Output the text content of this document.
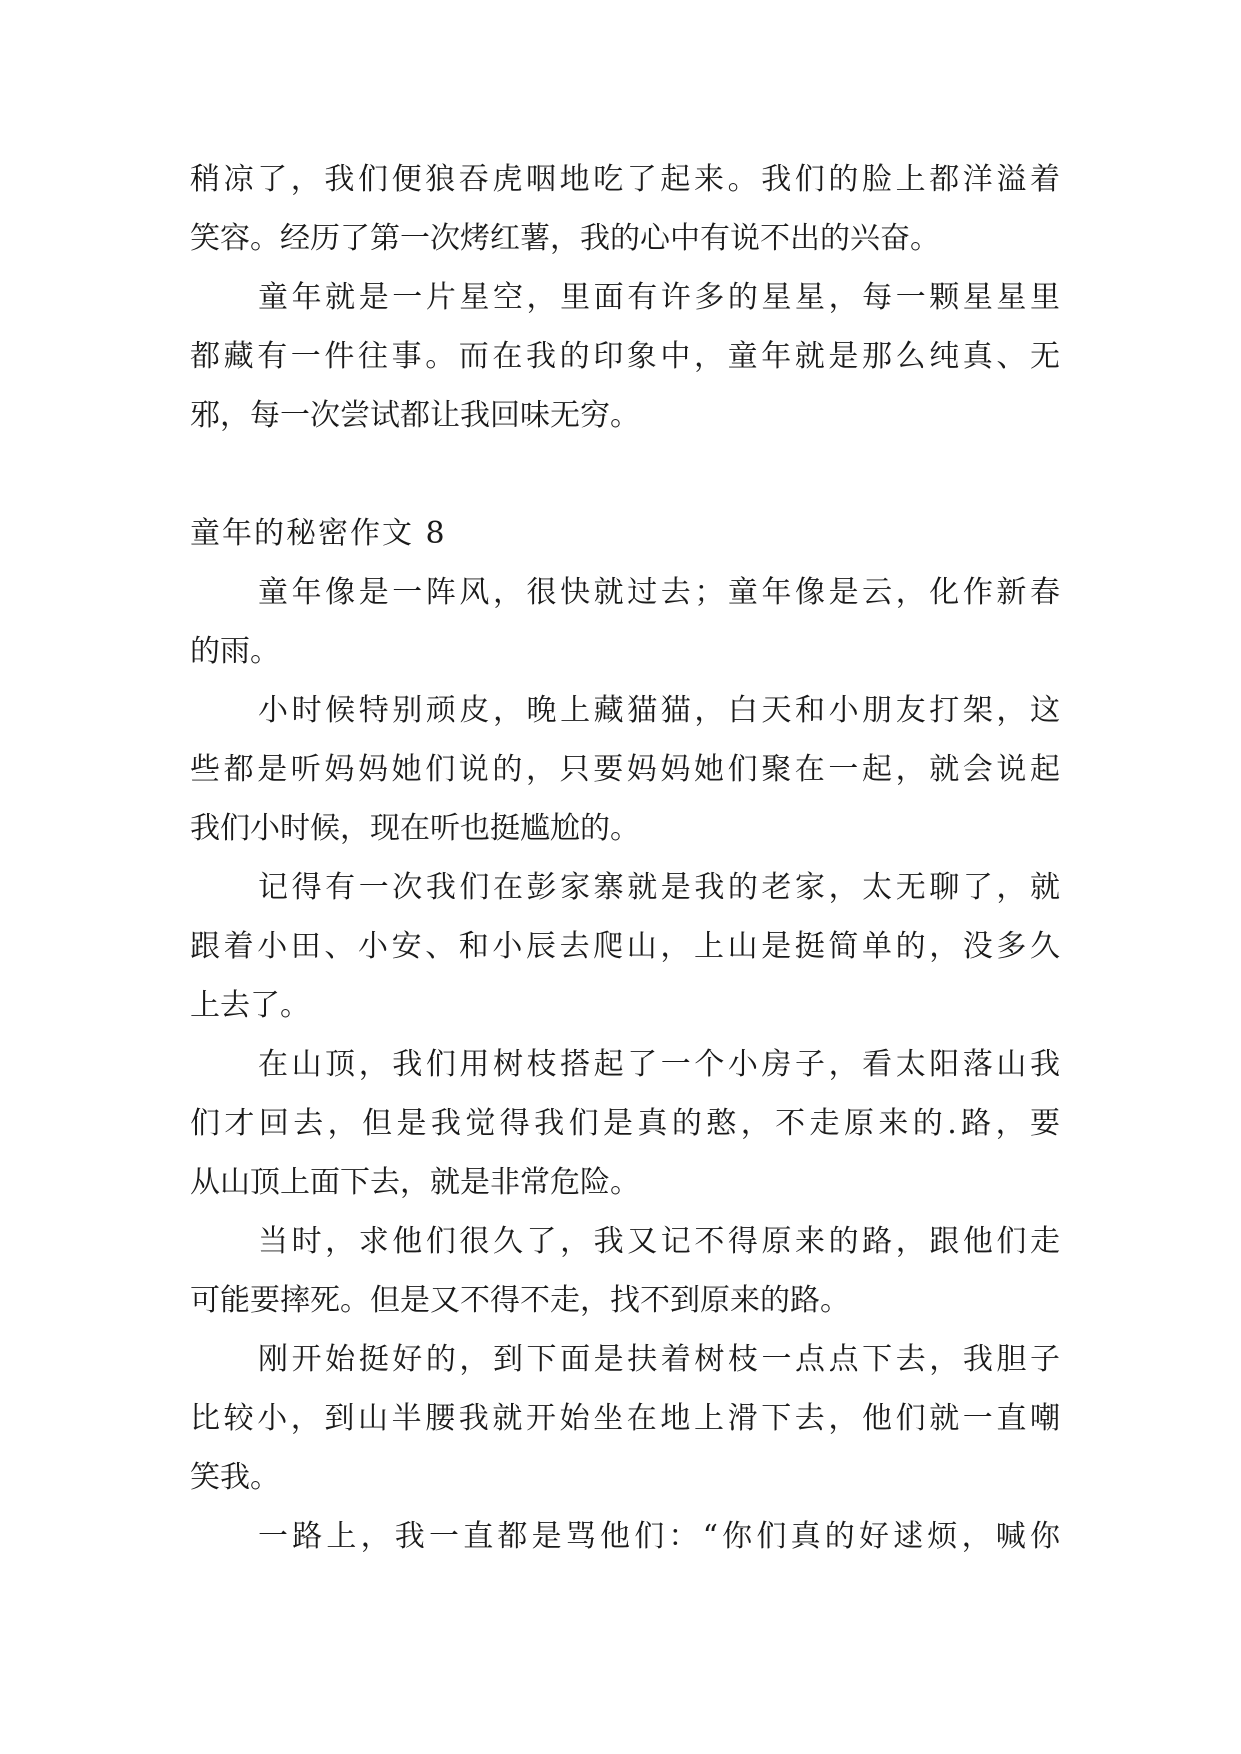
稍凉了，我们便狼吞虎咽地吃了起来。我们的脸上都洋溢着
笑容。经历了第一次烤红薯，我的心中有说不出的兴奋。
童年就是一片星空，里面有许多的星星，每一颗星星里
都藏有一件往事。而在我的印象中，童年就是那么纯真、无
邪，每一次尝试都让我回味无穷。
童年的秘密作文 8
童年像是一阵风，很快就过去；童年像是云，化作新春
的雨。
小时候特别顽皮，晚上藏猫猫，白天和小朋友打架，这
些都是听妈妈她们说的，只要妈妈她们聚在一起，就会说起
我们小时候，现在听也挺尴尬的。
记得有一次我们在彭家寨就是我的老家，太无聊了，就
跟着小田、小安、和小辰去爬山，上山是挺简单的，没多久
上去了。
在山顶，我们用树枝搭起了一个小房子，看太阳落山我
们才回去，但是我觉得我们是真的憨，不走原来的.路，要
从山顶上面下去，就是非常危险。
当时，求他们很久了，我又记不得原来的路，跟他们走
可能要摔死。但是又不得不走，找不到原来的路。
刚开始挺好的，到下面是扶着树枝一点点下去，我胆子
比较小，到山半腰我就开始坐在地上滑下去，他们就一直嘲
笑我。
一路上，我一直都是骂他们：“你们真的好逑烦，喊你
